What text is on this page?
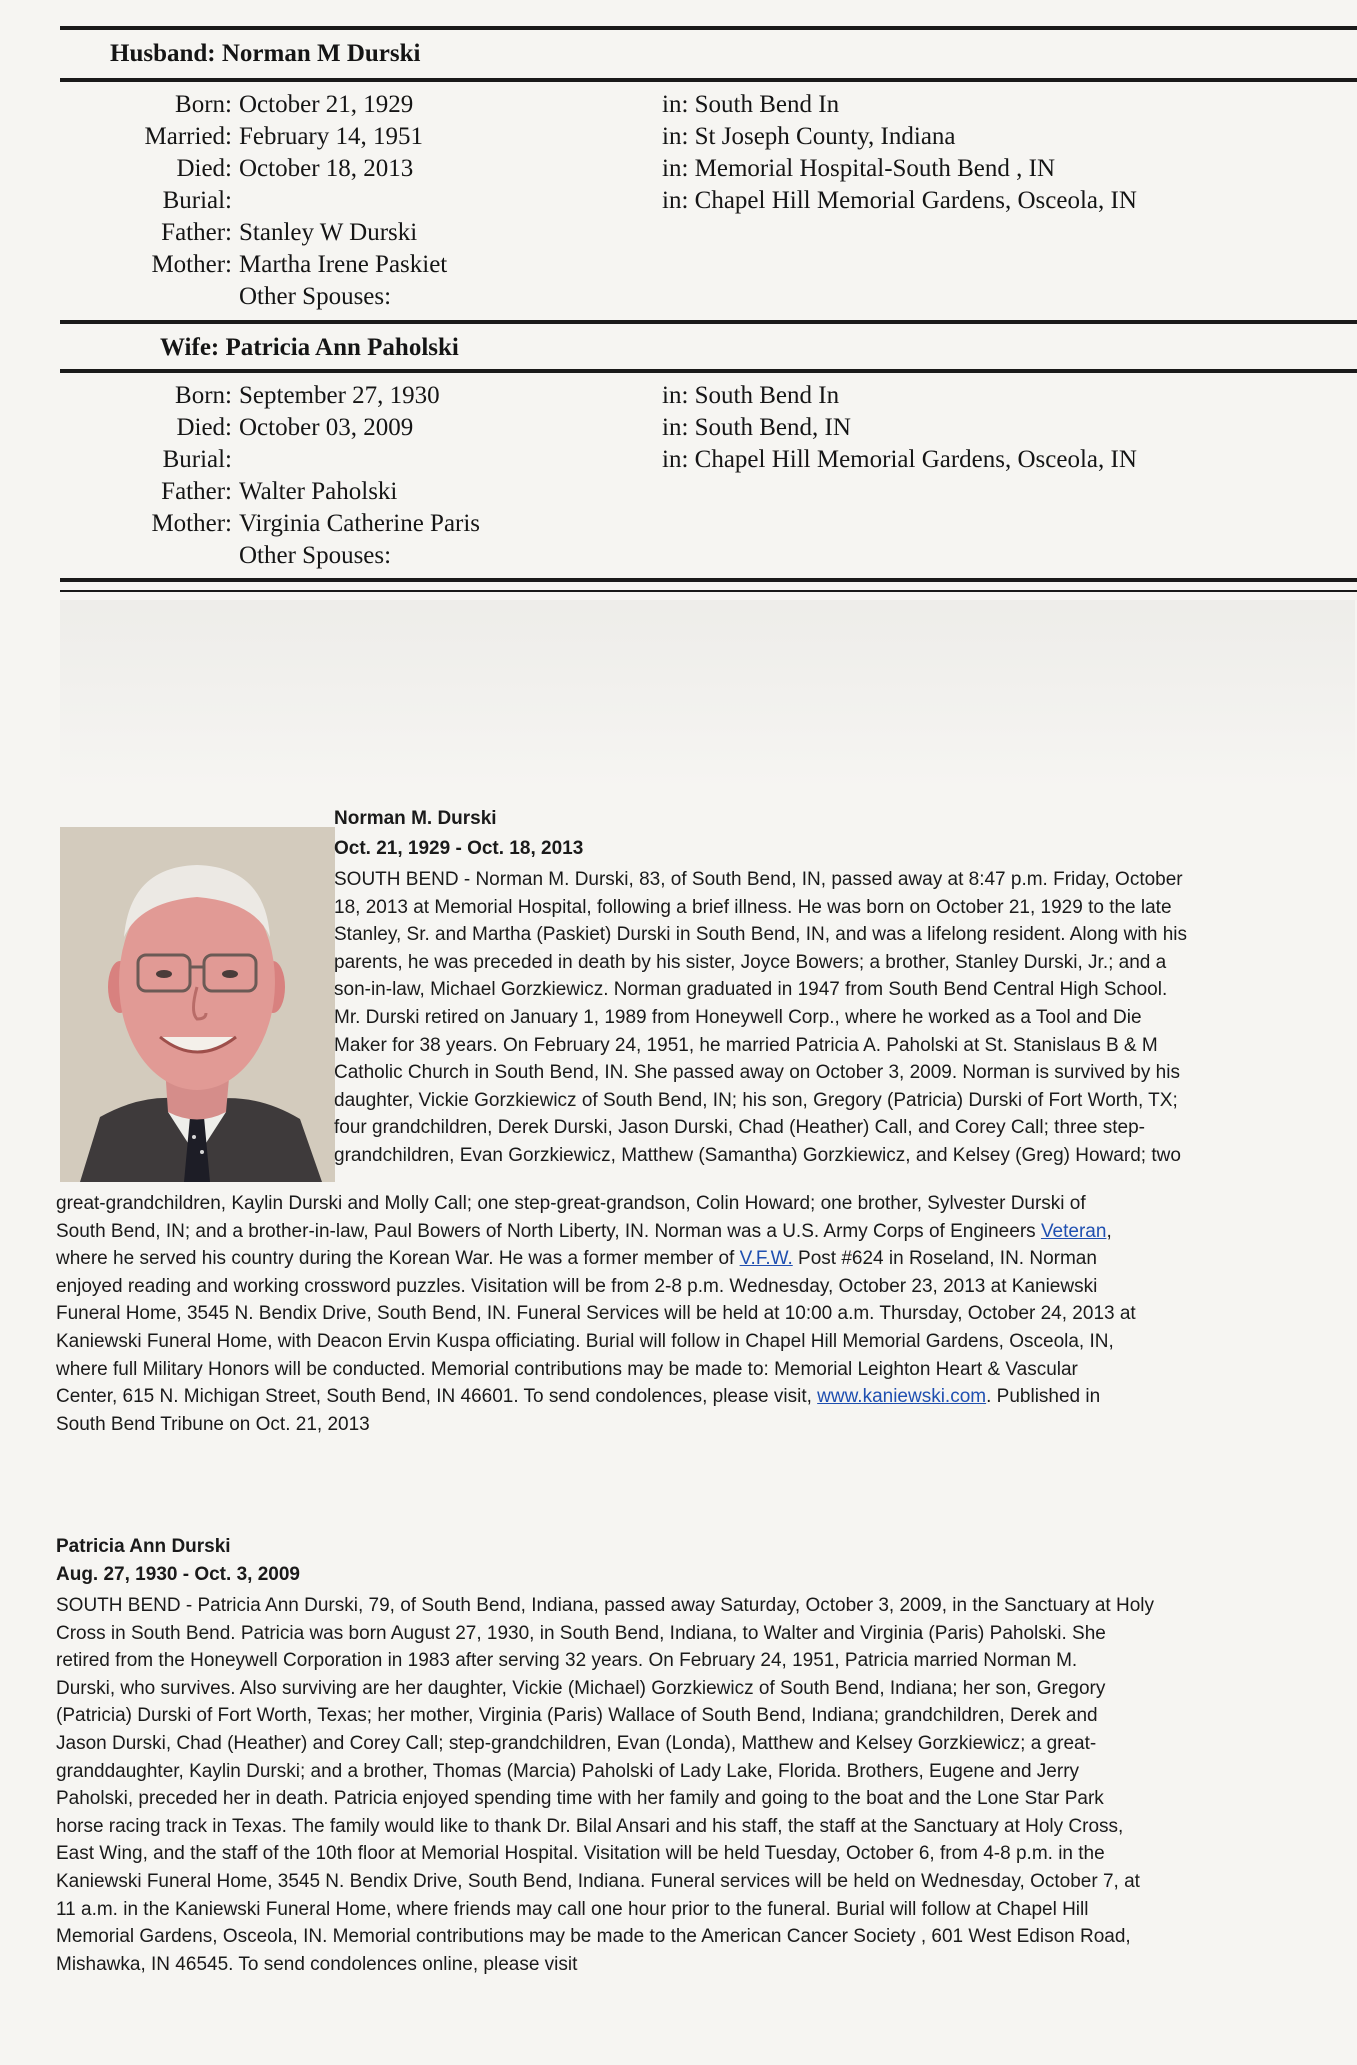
Husband: Norman M Durski
Born: October 21, 1929	in: South Bend In
Married: February 14, 1951	in: St Joseph County, Indiana
Died: October 18, 2013	in: Memorial Hospital-South Bend , IN
Burial:	in: Chapel Hill Memorial Gardens, Osceola, IN
Father: Stanley W Durski
Mother: Martha Irene Paskiet
Other Spouses:
Wife: Patricia Ann Paholski
Born: September 27, 1930	in: South Bend In
Died: October 03, 2009	in: South Bend, IN
Burial:	in: Chapel Hill Memorial Gardens, Osceola, IN
Father: Walter Paholski
Mother: Virginia Catherine Paris
Other Spouses:
Norman M. Durski
Oct. 21, 1929 - Oct. 18, 2013
SOUTH BEND - Norman M. Durski, 83, of South Bend, IN, passed away at 8:47 p.m. Friday, October
18, 2013 at Memorial Hospital, following a brief illness. He was born on October 21, 1929 to the late
Stanley, Sr. and Martha (Paskiet) Durski in South Bend, IN, and was a lifelong resident. Along with his
parents, he was preceded in death by his sister, Joyce Bowers; a brother, Stanley Durski, Jr.; and a
son-in-law, Michael Gorzkiewicz. Norman graduated in 1947 from South Bend Central High School.
Mr. Durski retired on January 1, 1989 from Honeywell Corp., where he worked as a Tool and Die
Maker for 38 years. On February 24, 1951, he married Patricia A. Paholski at St. Stanislaus B & M
Catholic Church in South Bend, IN. She passed away on October 3, 2009. Norman is survived by his
daughter, Vickie Gorzkiewicz of South Bend, IN; his son, Gregory (Patricia) Durski of Fort Worth, TX;
four grandchildren, Derek Durski, Jason Durski, Chad (Heather) Call, and Corey Call; three step-
grandchildren, Evan Gorzkiewicz, Matthew (Samantha) Gorzkiewicz, and Kelsey (Greg) Howard; two
great-grandchildren, Kaylin Durski and Molly Call; one step-great-grandson, Colin Howard; one brother, Sylvester Durski of
South Bend, IN; and a brother-in-law, Paul Bowers of North Liberty, IN. Norman was a U.S. Army Corps of Engineers Veteran,
where he served his country during the Korean War. He was a former member of V.F.W. Post #624 in Roseland, IN. Norman
enjoyed reading and working crossword puzzles. Visitation will be from 2-8 p.m. Wednesday, October 23, 2013 at Kaniewski
Funeral Home, 3545 N. Bendix Drive, South Bend, IN. Funeral Services will be held at 10:00 a.m. Thursday, October 24, 2013 at
Kaniewski Funeral Home, with Deacon Ervin Kuspa officiating. Burial will follow in Chapel Hill Memorial Gardens, Osceola, IN,
where full Military Honors will be conducted. Memorial contributions may be made to: Memorial Leighton Heart & Vascular
Center, 615 N. Michigan Street, South Bend, IN 46601. To send condolences, please visit, www.kaniewski.com. Published in
South Bend Tribune on Oct. 21, 2013
Patricia Ann Durski
Aug. 27, 1930 - Oct. 3, 2009
SOUTH BEND - Patricia Ann Durski, 79, of South Bend, Indiana, passed away Saturday, October 3, 2009, in the Sanctuary at Holy
Cross in South Bend. Patricia was born August 27, 1930, in South Bend, Indiana, to Walter and Virginia (Paris) Paholski. She
retired from the Honeywell Corporation in 1983 after serving 32 years. On February 24, 1951, Patricia married Norman M.
Durski, who survives. Also surviving are her daughter, Vickie (Michael) Gorzkiewicz of South Bend, Indiana; her son, Gregory
(Patricia) Durski of Fort Worth, Texas; her mother, Virginia (Paris) Wallace of South Bend, Indiana; grandchildren, Derek and
Jason Durski, Chad (Heather) and Corey Call; step-grandchildren, Evan (Londa), Matthew and Kelsey Gorzkiewicz; a great-
granddaughter, Kaylin Durski; and a brother, Thomas (Marcia) Paholski of Lady Lake, Florida. Brothers, Eugene and Jerry
Paholski, preceded her in death. Patricia enjoyed spending time with her family and going to the boat and the Lone Star Park
horse racing track in Texas. The family would like to thank Dr. Bilal Ansari and his staff, the staff at the Sanctuary at Holy Cross,
East Wing, and the staff of the 10th floor at Memorial Hospital. Visitation will be held Tuesday, October 6, from 4-8 p.m. in the
Kaniewski Funeral Home, 3545 N. Bendix Drive, South Bend, Indiana. Funeral services will be held on Wednesday, October 7, at
11 a.m. in the Kaniewski Funeral Home, where friends may call one hour prior to the funeral. Burial will follow at Chapel Hill
Memorial Gardens, Osceola, IN. Memorial contributions may be made to the American Cancer Society , 601 West Edison Road,
Mishawka, IN 46545. To send condolences online, please visit
